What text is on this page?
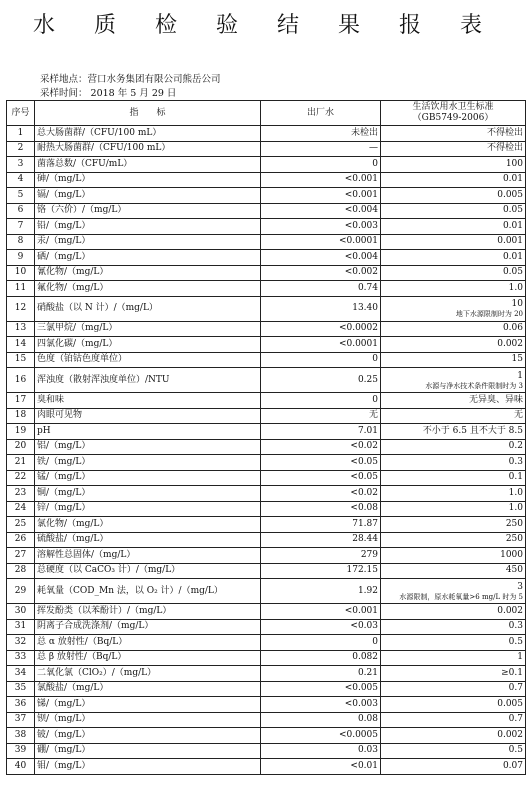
水 质 检 验 结 果 报 表
采样地点：营口水务集团有限公司熊岳公司
采样时间： 2018 年 5 月 29 日
序号	指　　标	出厂水	生活饮用水卫生标准
（GB5749-2006）
1	总大肠菌群/（CFU/100 mL）	未检出	不得检出
2	耐热大肠菌群/（CFU/100 mL）	—	不得检出
3	菌落总数/（CFU/mL）	0	100
4	砷/（mg/L）	<0.001	0.01
5	镉/（mg/L）	<0.001	0.005
6	铬（六价）/（mg/L）	<0.004	0.05
7	铅/（mg/L）	<0.003	0.01
8	汞/（mg/L）	<0.0001	0.001
9	硒/（mg/L）	<0.004	0.01
10	氰化物/（mg/L）	<0.002	0.05
11	氟化物/（mg/L）	0.74	1.0
12	硝酸盐（以 N 计）/（mg/L）	13.40	10
地下水源限制时为 20

13	三氯甲烷/（mg/L）	<0.0002	0.06
14	四氯化碳/（mg/L）	<0.0001	0.002
15	色度（铂钴色度单位）	0	15
16	浑浊度（散射浑浊度单位）/NTU	0.25	1
水源与净水技术条件限制时为 3

17	臭和味	0	无异臭、异味
18	肉眼可见物	无	无
19	pH	7.01	不小于 6.5 且不大于 8.5
20	铝/（mg/L）	<0.02	0.2
21	铁/（mg/L）	<0.05	0.3
22	锰/（mg/L）	<0.05	0.1
23	铜/（mg/L）	<0.02	1.0
24	锌/（mg/L）	<0.08	1.0
25	氯化物/（mg/L）	71.87	250
26	硫酸盐/（mg/L）	28.44	250
27	溶解性总固体/（mg/L）	279	1000
28	总硬度（以 CaCO₃ 计）/（mg/L）	172.15	450
29	耗氧量（COD_Mn 法，以 O₂ 计）/（mg/L）	1.92	3
水源限制，原水耗氧量>6 mg/L 时为 5

30	挥发酚类（以苯酚计）/（mg/L）	<0.001	0.002
31	阴离子合成洗涤剂/（mg/L）	<0.03	0.3
32	总 α 放射性/（Bq/L）	0	0.5
33	总 β 放射性/（Bq/L）	0.082	1
34	二氧化氯（ClO₂）/（mg/L）	0.21	≥0.1
35	氯酸盐/（mg/L）	<0.005	0.7
36	锑/（mg/L）	<0.003	0.005
37	钡/（mg/L）	0.08	0.7
38	铍/（mg/L）	<0.0005	0.002
39	硼/（mg/L）	0.03	0.5
40	钼/（mg/L）	<0.01	0.07
